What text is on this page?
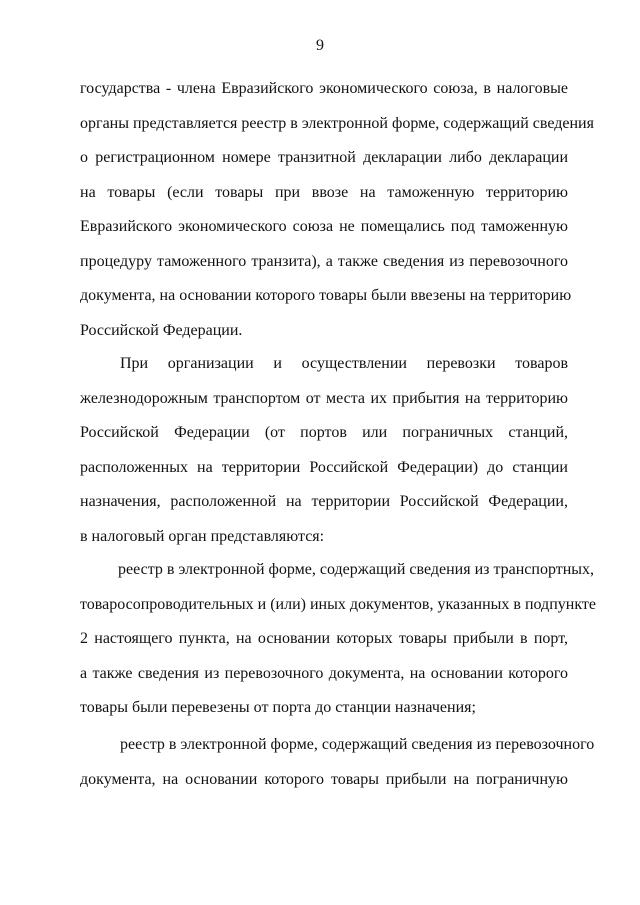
9
государства - члена Евразийского экономического союза, в налоговые
органы представляется реестр в электронной форме, содержащий сведения
о регистрационном номере транзитной декларации либо декларации
на товары (если товары при ввозе на таможенную территорию
Евразийского экономического союза не помещались под таможенную
процедуру таможенного транзита), а также сведения из перевозочного
документа, на основании которого товары были ввезены на территорию
Российской Федерации.
При организации и осуществлении перевозки товаров
железнодорожным транспортом от места их прибытия на территорию
Российской Федерации (от портов или пограничных станций,
расположенных на территории Российской Федерации) до станции
назначения, расположенной на территории Российской Федерации,
в налоговый орган представляются:
реестр в электронной форме, содержащий сведения из транспортных,
товаросопроводительных и (или) иных документов, указанных в подпункте
2 настоящего пункта, на основании которых товары прибыли в порт,
а также сведения из перевозочного документа, на основании которого
товары были перевезены от порта до станции назначения;
реестр в электронной форме, содержащий сведения из перевозочного
документа, на основании которого товары прибыли на пограничную
